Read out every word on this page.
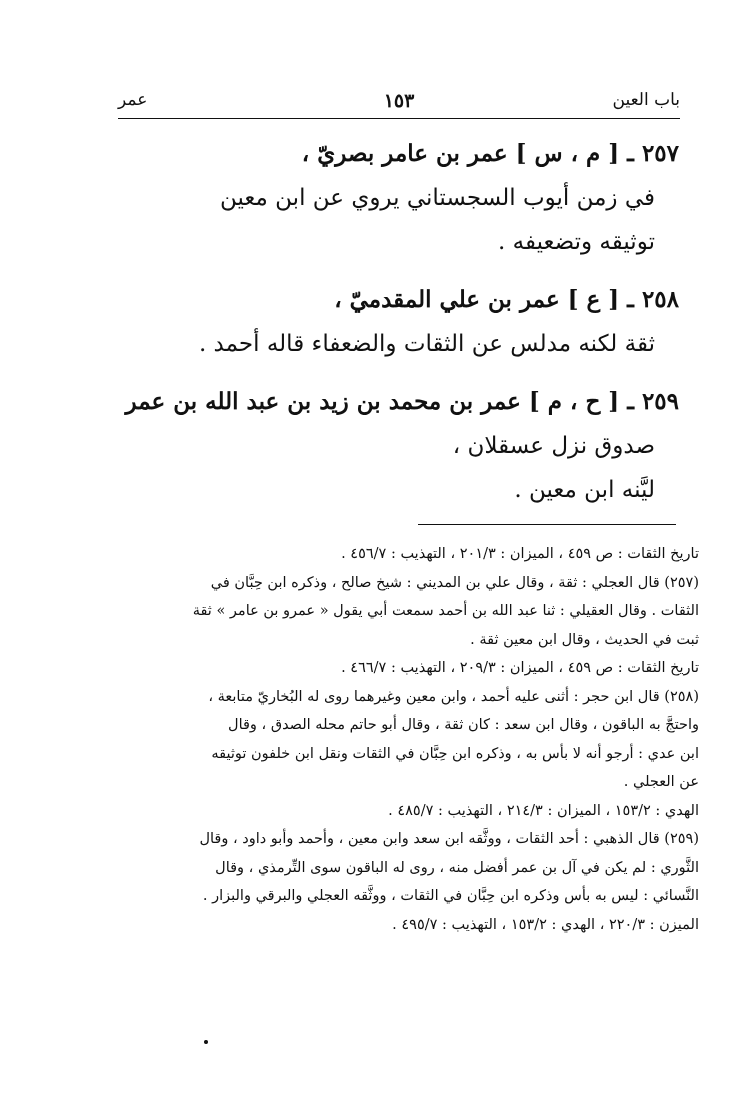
باب العين
١٥٣
عمر
٢٥٧ ـ [ م ، س ] عمر بن عامر بصريّ ،
في زمن أيوب السجستاني يروي عن ابن معين
توثيقه وتضعيفه .
٢٥٨ ـ [ ع ] عمر بن علي المقدميّ ،
ثقة لكنه مدلس عن الثقات والضعفاء قاله أحمد .
٢٥٩ ـ [ ح ، م ] عمر بن محمد بن زيد بن عبد الله بن عمر
صدوق نزل عسقلان ،
ليَّنه ابن معين .
تاريخ الثقات : ص ٤٥٩ ، الميزان : ٢٠١/٣ ، التهذيب : ٤٥٦/٧ .
(٢٥٧) قال العجلي : ثقة ، وقال علي بن المديني : شيخ صالح ، وذكره ابن حِبَّان في
الثقات . وقال العقيلي : ثنا عبد الله بن أحمد سمعت أبي يقول « عمرو بن عامر » ثقة
ثبت في الحديث ، وقال ابن معين ثقة .
تاريخ الثقات : ص ٤٥٩ ، الميزان : ٢٠٩/٣ ، التهذيب : ٤٦٦/٧ .
(٢٥٨) قال ابن حجر : أثنى عليه أحمد ، وابن معين وغيرهما روى له البُخاريّ متابعة ،
واحتجَّ به الباقون ، وقال ابن سعد : كان ثقة ، وقال أبو حاتم محله الصدق ، وقال
ابن عدي : أرجو أنه لا بأس به ، وذكره ابن حِبَّان في الثقات ونقل ابن خلفون توثيقه
عن العجلي .
الهدي : ١٥٣/٢ ، الميزان : ٢١٤/٣ ، التهذيب : ٤٨٥/٧ .
(٢٥٩) قال الذهبي : أحد الثقات ، ووثَّقه ابن سعد وابن معين ، وأحمد وأبو داود ، وقال
الثَّوري : لم يكن في آل بن عمر أفضل منه ، روى له الباقون سوى التِّرمذي ، وقال
النَّسائي : ليس به بأس وذكره ابن حِبَّان في الثقات ، ووثَّقه العجلي والبرقي والبزار .
الميزن : ٢٢٠/٣ ، الهدي : ١٥٣/٢ ، التهذيب : ٤٩٥/٧ .
